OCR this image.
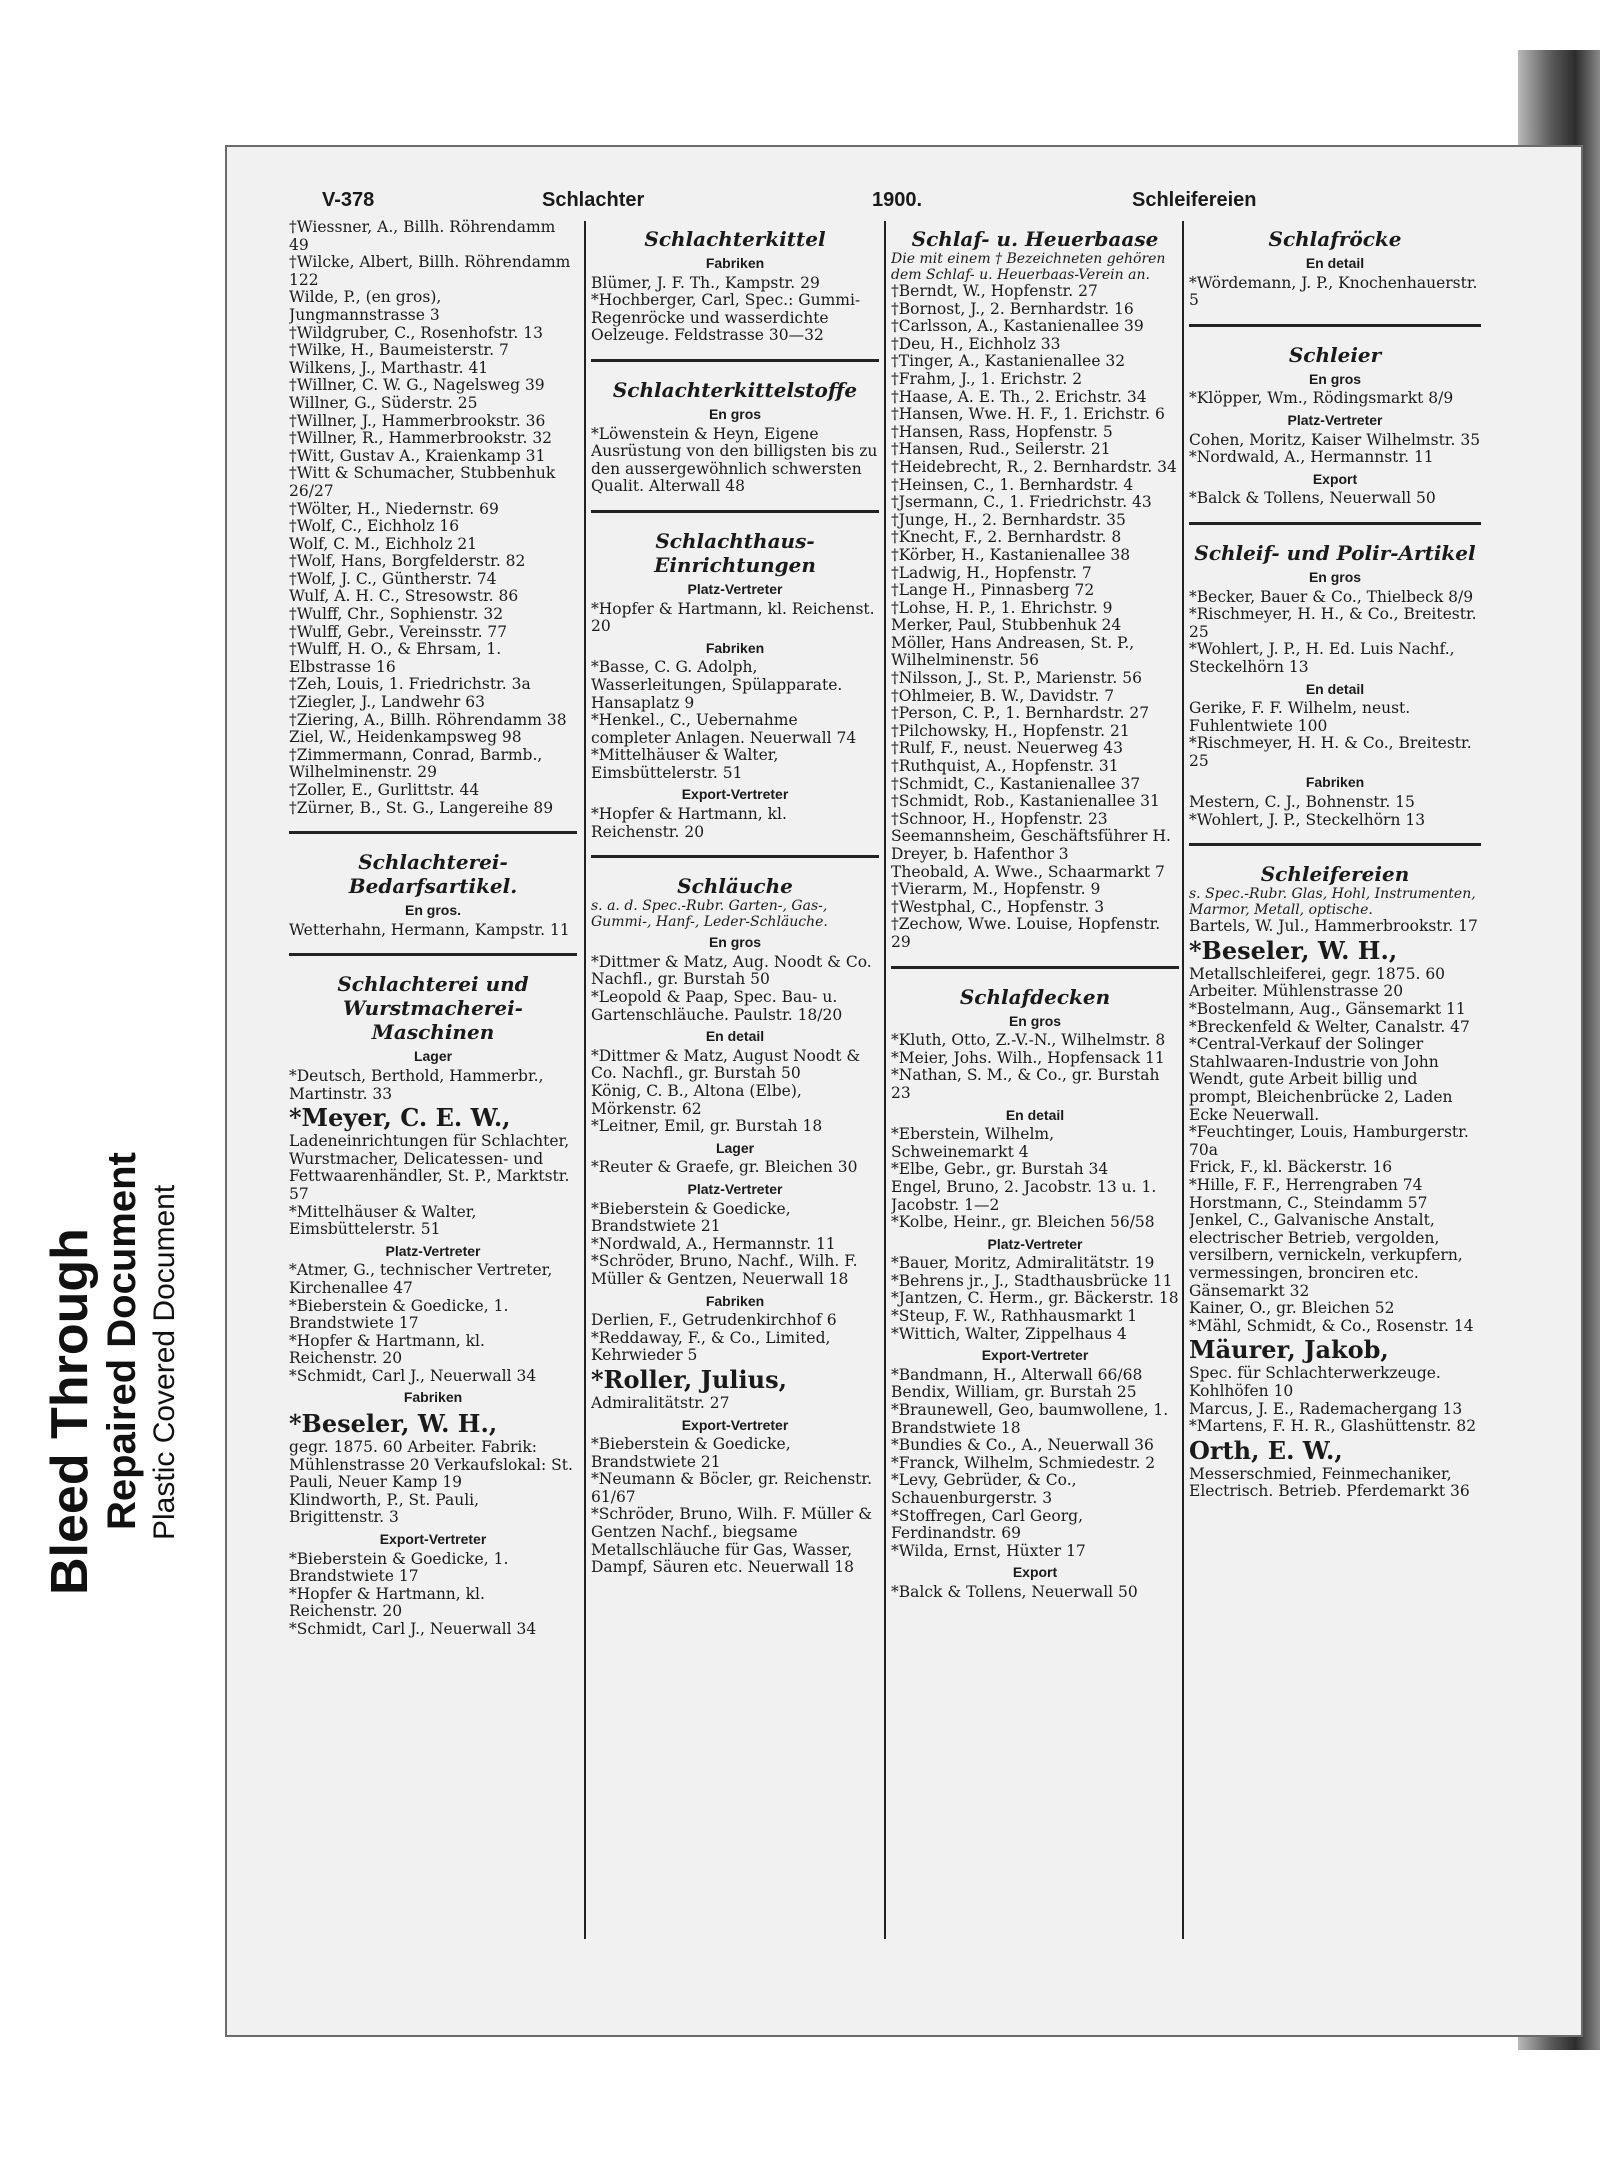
Bleed Through Repaired Document Plastic Covered Document
V-378	Schlachter	1900.	Schleifereien
†Wiessner, A., Billh. Röhrendamm 49
†Wilcke, Albert, Billh. Röhrendamm 122
Wilde, P., (en gros), Jungmannstrasse 3
†Wildgruber, C., Rosenhofstr. 13
†Wilke, H., Baumeisterstr. 7
Wilkens, J., Marthastr. 41
†Willner, C. W. G., Nagelsweg 39
Willner, G., Süderstr. 25
†Willner, J., Hammerbrookstr. 36
†Willner, R., Hammerbrookstr. 32
†Witt, Gustav A., Kraienkamp 31
†Witt & Schumacher, Stubbenhuk 26/27
†Wölter, H., Niedernstr. 69
†Wolf, C., Eichholz 16
Wolf, C. M., Eichholz 21
†Wolf, Hans, Borgfelderstr. 82
†Wolf, J. C., Güntherstr. 74
Wulf, A. H. C., Stresowstr. 86
†Wulff, Chr., Sophienstr. 32
†Wulff, Gebr., Vereinsstr. 77
†Wulff, H. O., & Ehrsam, 1. Elbstrasse 16
†Zeh, Louis, 1. Friedrichstr. 3a
†Ziegler, J., Landwehr 63
†Ziering, A., Billh. Röhrendamm 38
Ziel, W., Heidenkampsweg 98
†Zimmermann, Conrad, Barmb., Wilhelminenstr. 29
†Zoller, E., Gurlittstr. 44
†Zürner, B., St. G., Langereihe 89
Schlachterei-Bedarfsartikel.
En gros.
Wetterhahn, Hermann, Kampstr. 11
Schlachterei und Wurstmacherei-Maschinen
Lager
*Deutsch, Berthold, Hammerbr., Martinstr. 33
*Meyer, C. E. W.,
Ladeneinrichtungen für Schlachter, Wurstmacher, Delicatessen- und Fettwaarenhändler, St. P., Marktstr. 57
*Mittelhäuser & Walter, Eimsbüttelerstr. 51
Platz-Vertreter
*Atmer, G., technischer Vertreter, Kirchenallee 47
*Bieberstein & Goedicke, 1. Brandstwiete 17
*Hopfer & Hartmann, kl. Reichenstr. 20
*Schmidt, Carl J., Neuerwall 34
Fabriken
*Beseler, W. H.,
gegr. 1875. 60 Arbeiter. Fabrik: Mühlenstrasse 20 Verkaufslokal: St. Pauli, Neuer Kamp 19
Klindworth, P., St. Pauli, Brigittenstr. 3
Export-Vertreter
*Bieberstein & Goedicke, 1. Brandstwiete 17
*Hopfer & Hartmann, kl. Reichenstr. 20
*Schmidt, Carl J., Neuerwall 34
Schlachterkittel
Fabriken
Blümer, J. F. Th., Kampstr. 29
*Hochberger, Carl, Spec.: Gummi-Regenröcke und wasserdichte Oelzeuge. Feldstrasse 30—32
Schlachterkittelstoffe
En gros
*Löwenstein & Heyn, Eigene Ausrüstung von den billigsten bis zu den aussergewöhnlich schwersten Qualit. Alterwall 48
Schlachthaus-Einrichtungen
Platz-Vertreter
*Hopfer & Hartmann, kl. Reichenst. 20
Fabriken
*Basse, C. G. Adolph, Wasserleitungen, Spülapparate. Hansaplatz 9
*Henkel., C., Uebernahme completer Anlagen. Neuerwall 74
*Mittelhäuser & Walter, Eimsbüttelerstr. 51
Export-Vertreter
*Hopfer & Hartmann, kl. Reichenstr. 20
Schläuche
s. a. d. Spec.-Rubr. Garten-, Gas-, Gummi-, Hanf-, Leder-Schläuche.
En gros
*Dittmer & Matz, Aug. Noodt & Co. Nachfl., gr. Burstah 50
*Leopold & Paap, Spec. Bau- u. Gartenschläuche. Paulstr. 18/20
En detail
*Dittmer & Matz, August Noodt & Co. Nachfl., gr. Burstah 50
König, C. B., Altona (Elbe), Mörkenstr. 62
*Leitner, Emil, gr. Burstah 18
Lager
*Reuter & Graefe, gr. Bleichen 30
Platz-Vertreter
*Bieberstein & Goedicke, Brandstwiete 21
*Nordwald, A., Hermannstr. 11
*Schröder, Bruno, Nachf., Wilh. F. Müller & Gentzen, Neuerwall 18
Fabriken
Derlien, F., Getrudenkirchhof 6
*Reddaway, F., & Co., Limited, Kehrwieder 5
*Roller, Julius,
Admiralitätstr. 27
Export-Vertreter
*Bieberstein & Goedicke, Brandstwiete 21
*Neumann & Böcler, gr. Reichenstr. 61/67
*Schröder, Bruno, Wilh. F. Müller & Gentzen Nachf., biegsame Metallschläuche für Gas, Wasser, Dampf, Säuren etc. Neuerwall 18
Schlaf- u. Heuerbaase
Die mit einem † Bezeichneten gehören dem Schlaf- u. Heuerbaas-Verein an.
†Berndt, W., Hopfenstr. 27
†Bornost, J., 2. Bernhardstr. 16
†Carlsson, A., Kastanienallee 39
†Deu, H., Eichholz 33
†Tinger, A., Kastanienallee 32
†Frahm, J., 1. Erichstr. 2
†Haase, A. E. Th., 2. Erichstr. 34
†Hansen, Wwe. H. F., 1. Erichstr. 6
†Hansen, Rass, Hopfenstr. 5
†Hansen, Rud., Seilerstr. 21
†Heidebrecht, R., 2. Bernhardstr. 34
†Heinsen, C., 1. Bernhardstr. 4
†Jsermann, C., 1. Friedrichstr. 43
†Junge, H., 2. Bernhardstr. 35
†Knecht, F., 2. Bernhardstr. 8
†Körber, H., Kastanienallee 38
†Ladwig, H., Hopfenstr. 7
†Lange H., Pinnasberg 72
†Lohse, H. P., 1. Ehrichstr. 9
Merker, Paul, Stubbenhuk 24
Möller, Hans Andreasen, St. P., Wilhelminenstr. 56
†Nilsson, J., St. P., Marienstr. 56
†Ohlmeier, B. W., Davidstr. 7
†Person, C. P., 1. Bernhardstr. 27
†Pilchowsky, H., Hopfenstr. 21
†Rulf, F., neust. Neuerweg 43
†Ruthquist, A., Hopfenstr. 31
†Schmidt, C., Kastanienallee 37
†Schmidt, Rob., Kastanienallee 31
†Schnoor, H., Hopfenstr. 23
Seemannsheim, Geschäftsführer H. Dreyer, b. Hafenthor 3
Theobald, A. Wwe., Schaarmarkt 7
†Vierarm, M., Hopfenstr. 9
†Westphal, C., Hopfenstr. 3
†Zechow, Wwe. Louise, Hopfenstr. 29
Schlafdecken
En gros
*Kluth, Otto, Z.-V.-N., Wilhelmstr. 8
*Meier, Johs. Wilh., Hopfensack 11
*Nathan, S. M., & Co., gr. Burstah 23
En detail
*Eberstein, Wilhelm, Schweinemarkt 4
*Elbe, Gebr., gr. Burstah 34
Engel, Bruno, 2. Jacobstr. 13 u. 1. Jacobstr. 1—2
*Kolbe, Heinr., gr. Bleichen 56/58
Platz-Vertreter
*Bauer, Moritz, Admiralitätstr. 19
*Behrens jr., J., Stadthausbrücke 11
*Jantzen, C. Herm., gr. Bäckerstr. 18
*Steup, F. W., Rathhausmarkt 1
*Wittich, Walter, Zippelhaus 4
Export-Vertreter
*Bandmann, H., Alterwall 66/68
Bendix, William, gr. Burstah 25
*Braunewell, Geo, baumwollene, 1. Brandstwiete 18
*Bundies & Co., A., Neuerwall 36
*Franck, Wilhelm, Schmiedestr. 2
*Levy, Gebrüder, & Co., Schauenburgerstr. 3
*Stoffregen, Carl Georg, Ferdinandstr. 69
*Wilda, Ernst, Hüxter 17
Export
*Balck & Tollens, Neuerwall 50
Schlafröcke
En detail
*Wördemann, J. P., Knochenhauerstr. 5
Schleier
En gros
*Klöpper, Wm., Rödingsmarkt 8/9
Platz-Vertreter
Cohen, Moritz, Kaiser Wilhelmstr. 35
*Nordwald, A., Hermannstr. 11
Export
*Balck & Tollens, Neuerwall 50
Schleif- und Polir-Artikel
En gros
*Becker, Bauer & Co., Thielbeck 8/9
*Rischmeyer, H. H., & Co., Breitestr. 25
*Wohlert, J. P., H. Ed. Luis Nachf., Steckelhörn 13
En detail
Gerike, F. F. Wilhelm, neust. Fuhlentwiete 100
*Rischmeyer, H. H. & Co., Breitestr. 25
Fabriken
Mestern, C. J., Bohnenstr. 15
*Wohlert, J. P., Steckelhörn 13
Schleifereien
s. Spec.-Rubr. Glas, Hohl, Instrumenten, Marmor, Metall, optische.
Bartels, W. Jul., Hammerbrookstr. 17
*Beseler, W. H.,
Metallschleiferei, gegr. 1875. 60 Arbeiter. Mühlenstrasse 20
*Bostelmann, Aug., Gänsemarkt 11
*Breckenfeld & Welter, Canalstr. 47
*Central-Verkauf der Solinger Stahlwaaren-Industrie von John Wendt, gute Arbeit billig und prompt, Bleichenbrücke 2, Laden Ecke Neuerwall.
*Feuchtinger, Louis, Hamburgerstr. 70a
Frick, F., kl. Bäckerstr. 16
*Hille, F. F., Herrengraben 74
Horstmann, C., Steindamm 57
Jenkel, C., Galvanische Anstalt, electrischer Betrieb, vergolden, versilbern, vernickeln, verkupfern, vermessingen, bronciren etc. Gänsemarkt 32
Kainer, O., gr. Bleichen 52
*Mähl, Schmidt, & Co., Rosenstr. 14
Mäurer, Jakob,
Spec. für Schlachterwerkzeuge. Kohlhöfen 10
Marcus, J. E., Rademachergang 13
*Martens, F. H. R., Glashüttenstr. 82
Orth, E. W.,
Messerschmied, Feinmechaniker, Electrisch. Betrieb. Pferdemarkt 36
